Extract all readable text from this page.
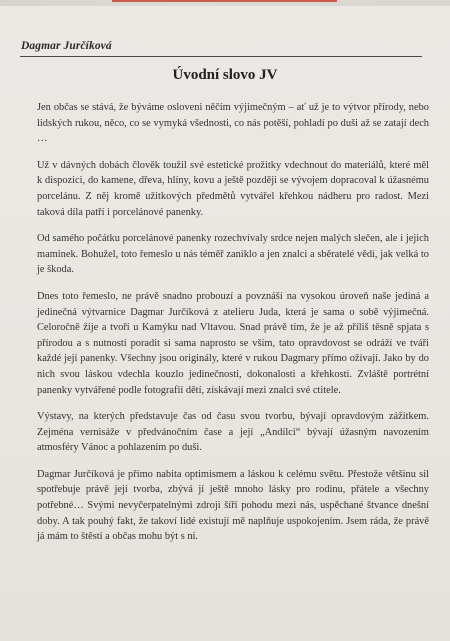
Dagmar Jurčíková
Úvodní slovo JV

Jen občas se stává, že býváme osloveni něčím výjimečným – ať už je to výtvor přírody, nebo lidských rukou, něco, co se vymyká všednosti, co nás potěší, pohladí po duši až se zatají dech …

Už v dávných dobách člověk toužil své estetické prožitky vdechnout do materiálů, které měl k dispozici, do kamene, dřeva, hlíny, kovu a ještě později se vývojem dopracoval k úžasnému porcelánu. Z něj kromě užitkových předmětů vytvářel křehkou nádheru pro radost. Mezi taková díla patří i porcelánové panenky.

Od samého počátku porcelánové panenky rozechvívaly srdce nejen malých slečen, ale i jejich maminek. Bohužel, toto řemeslo u nás téměř zaniklo a jen znalci a sběratelé vědí, jak velká to je škoda.

Dnes toto řemeslo, ne právě snadno probouzí a povznáší na vysokou úroveň naše jediná a jedinečná výtvarnice Dagmar Jurčíková z atelieru Juda, která je sama o sobě výjimečná. Celoročně žije a tvoří u Kamýku nad Vltavou. Snad právě tím, že je až příliš těsně spjata s přírodou a s nutností poradit si sama naprosto se vším, tato opravdovost se odráží ve tváři každé její panenky. Všechny jsou originály, které v rukou Dagmary přímo ožívají. Jako by do nich svou láskou vdechla kouzlo jedinečnosti, dokonalosti a křehkosti. Zvláště portrétní panenky vytvářené podle fotografií dětí, získávají mezi znalci své ctitele.

Výstavy, na kterých představuje čas od času svou tvorbu, bývají opravdovým zážitkem. Zejména vernisáže v předvánočním čase a její „Andílci“ bývají úžasným navozením atmosféry Vánoc a pohlazením po duši.

Dagmar Jurčíková je přímo nabita optimismem a láskou k celému světu. Přestože většinu sil spotřebuje právě její tvorba, zbývá jí ještě mnoho lásky pro rodinu, přátele a všechny potřebné… Svými nevyčerpatelnými zdroji šíří pohodu mezi nás, uspěchané štvance dnešní doby. A tak pouhý fakt, že takoví lidé existují mě naplňuje uspokojením. Jsem ráda, že právě já mám to štěstí a občas mohu být s ní.
